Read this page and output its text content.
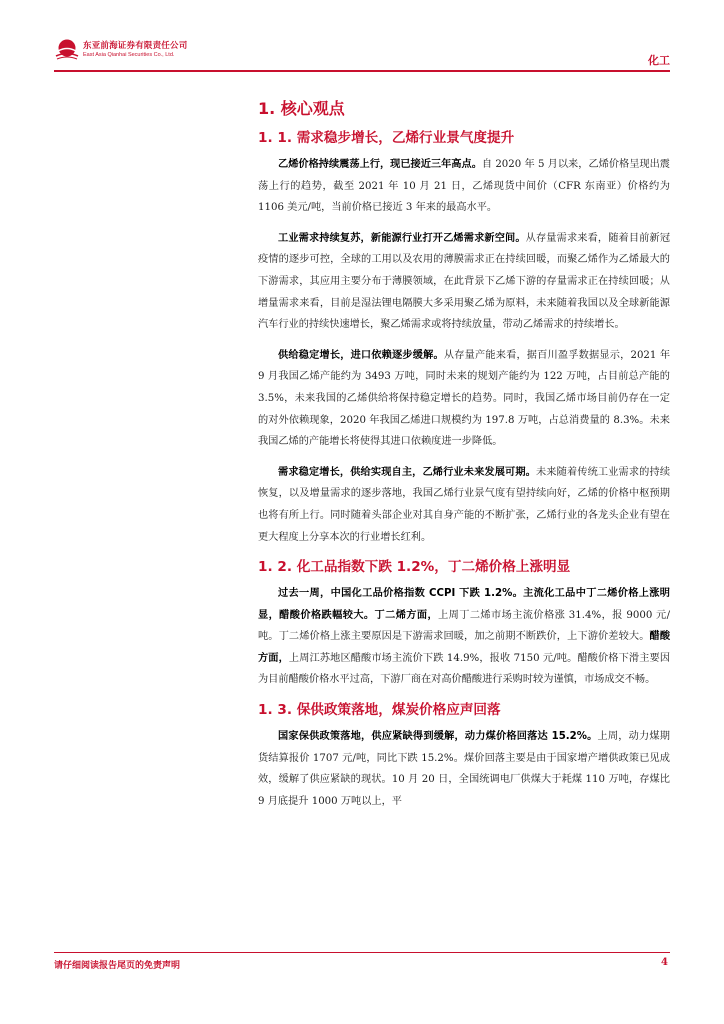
东亚前海证券有限责任公司
East Asia Qianhai Securities Co., Ltd.	化工
1. 核心观点
1. 1. 需求稳步增长，乙烯行业景气度提升

乙烯价格持续震荡上行，现已接近三年高点。自 2020 年 5 月以来，乙烯价格呈现出震荡上行的趋势，截至 2021 年 10 月 21 日，乙烯现货中间价（CFR 东南亚）价格约为 1106 美元/吨，当前价格已接近 3 年来的最高水平。

工业需求持续复苏，新能源行业打开乙烯需求新空间。从存量需求来看，随着目前新冠疫情的逐步可控，全球的工用以及农用的薄膜需求正在持续回暖，而聚乙烯作为乙烯最大的下游需求，其应用主要分布于薄膜领域，在此背景下乙烯下游的存量需求正在持续回暖；从增量需求来看，目前是湿法锂电隔膜大多采用聚乙烯为原料，未来随着我国以及全球新能源汽车行业的持续快速增长，聚乙烯需求或将持续放量，带动乙烯需求的持续增长。

供给稳定增长，进口依赖逐步缓解。从存量产能来看，据百川盈孚数据显示，2021 年 9 月我国乙烯产能约为 3493 万吨，同时未来的规划产能约为 122 万吨，占目前总产能的 3.5%，未来我国的乙烯供给将保持稳定增长的趋势。同时，我国乙烯市场目前仍存在一定的对外依赖现象，2020 年我国乙烯进口规模约为 197.8 万吨，占总消费量的 8.3%。未来我国乙烯的产能增长将使得其进口依赖度进一步降低。

需求稳定增长，供给实现自主，乙烯行业未来发展可期。未来随着传统工业需求的持续恢复，以及增量需求的逐步落地，我国乙烯行业景气度有望持续向好，乙烯的价格中枢预期也将有所上行。同时随着头部企业对其自身产能的不断扩张，乙烯行业的各龙头企业有望在更大程度上分享本次的行业增长红利。

1. 2. 化工品指数下跌 1.2%，丁二烯价格上涨明显

过去一周，中国化工品价格指数 CCPI 下跌 1.2%。主流化工品中丁二烯价格上涨明显，醋酸价格跌幅较大。丁二烯方面，上周丁二烯市场主流价格涨 31.4%，报 9000 元/吨。丁二烯价格上涨主要原因是下游需求回暖，加之前期不断跌价，上下游价差较大。醋酸方面，上周江苏地区醋酸市场主流价下跌 14.9%，报收 7150 元/吨。醋酸价格下滑主要因为目前醋酸价格水平过高，下游厂商在对高价醋酸进行采购时较为谨慎，市场成交不畅。

1. 3. 保供政策落地，煤炭价格应声回落

国家保供政策落地，供应紧缺得到缓解，动力煤价格回落达 15.2%。上周，动力煤期货结算报价 1707 元/吨，同比下跌 15.2%。煤价回落主要是由于国家增产增供政策已见成效，缓解了供应紧缺的现状。10 月 20 日，全国统调电厂供煤大于耗煤 110 万吨，存煤比 9 月底提升 1000 万吨以上，平

请仔细阅读报告尾页的免责声明	4
